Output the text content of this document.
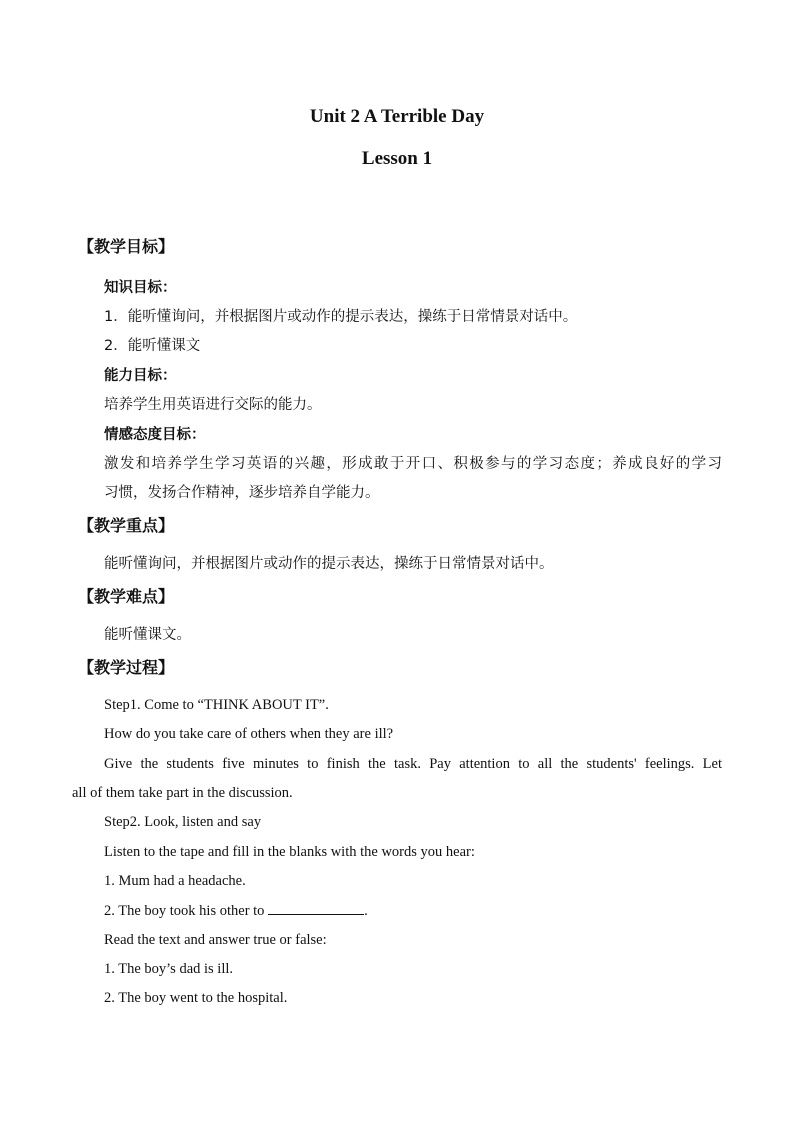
Unit 2 A Terrible Day
Lesson 1
【教学目标】
知识目标：
1．能听懂询问，并根据图片或动作的提示表达，操练于日常情景对话中。
2．能听懂课文
能力目标：
培养学生用英语进行交际的能力。
情感态度目标：
激发和培养学生学习英语的兴趣，形成敢于开口、积极参与的学习态度；养成良好的学习
习惯，发扬合作精神，逐步培养自学能力。
【教学重点】
能听懂询问，并根据图片或动作的提示表达，操练于日常情景对话中。
【教学难点】
能听懂课文。
【教学过程】
Step1. Come to “THINK ABOUT IT”.
How do you take care of others when they are ill?
Give the students five minutes to finish the task. Pay attention to all the students' feelings. Let
all of them take part in the discussion.
Step2. Look, listen and say
Listen to the tape and fill in the blanks with the words you hear:
1. Mum had a headache.
2. The boy took his other to	.
Read the text and answer true or false:
1. The boy’s dad is ill.
2. The boy went to the hospital.
